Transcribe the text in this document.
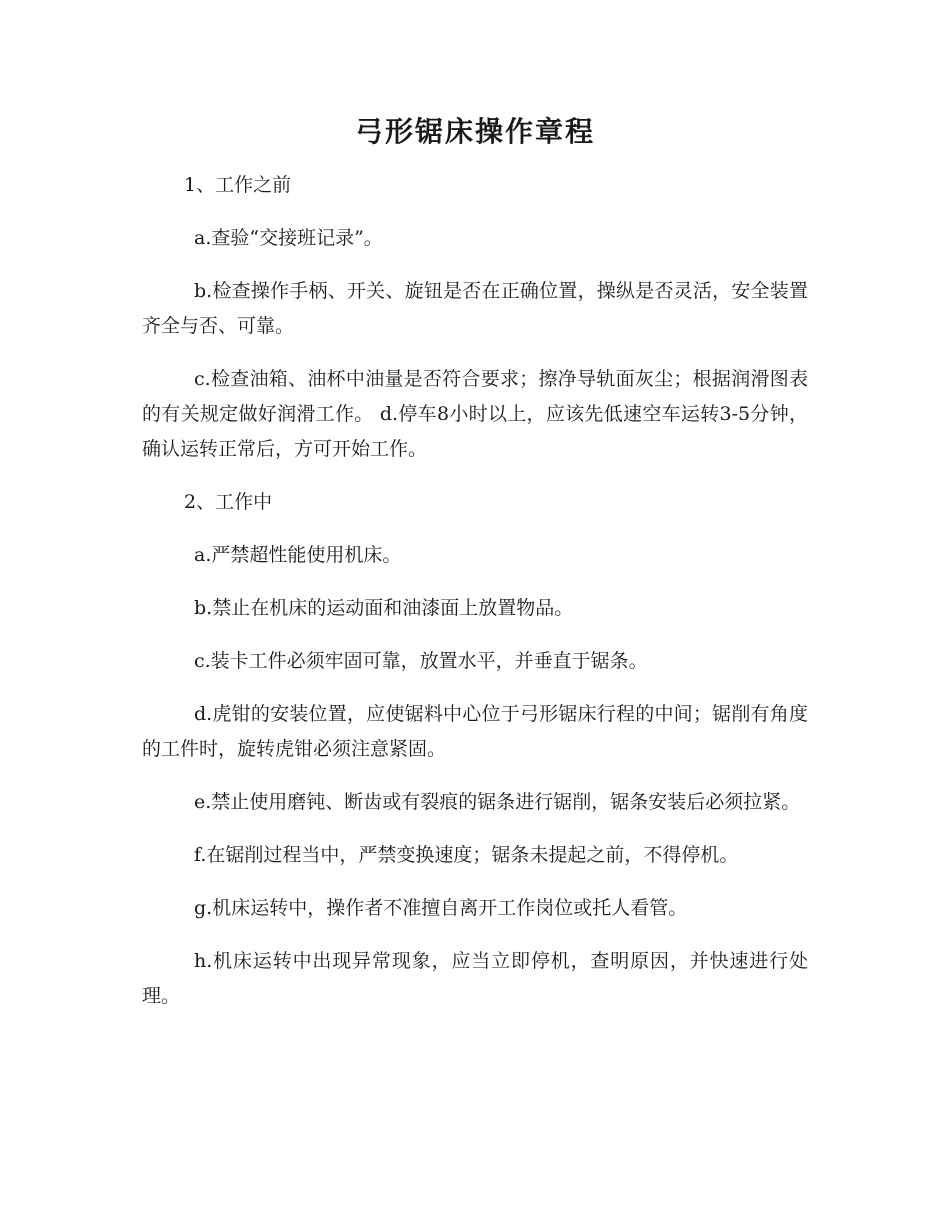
弓形锯床操作章程

1、工作之前

a.查验“交接班记录”。

b.检查操作手柄、开关、旋钮是否在正确位置，操纵是否灵活，安全装置齐全与否、可靠。

c.检查油箱、油杯中油量是否符合要求；擦净导轨面灰尘；根据润滑图表的有关规定做好润滑工作。 d.停车8小时以上，应该先低速空车运转3-5分钟，确认运转正常后，方可开始工作。

2、工作中

a.严禁超性能使用机床。

b.禁止在机床的运动面和油漆面上放置物品。

c.装卡工件必须牢固可靠，放置水平，并垂直于锯条。

d.虎钳的安装位置，应使锯料中心位于弓形锯床行程的中间；锯削有角度的工件时，旋转虎钳必须注意紧固。

e.禁止使用磨钝、断齿或有裂痕的锯条进行锯削，锯条安装后必须拉紧。

f.在锯削过程当中，严禁变换速度；锯条未提起之前，不得停机。

g.机床运转中，操作者不准擅自离开工作岗位或托人看管。

h.机床运转中出现异常现象，应当立即停机，查明原因，并快速进行处理。
